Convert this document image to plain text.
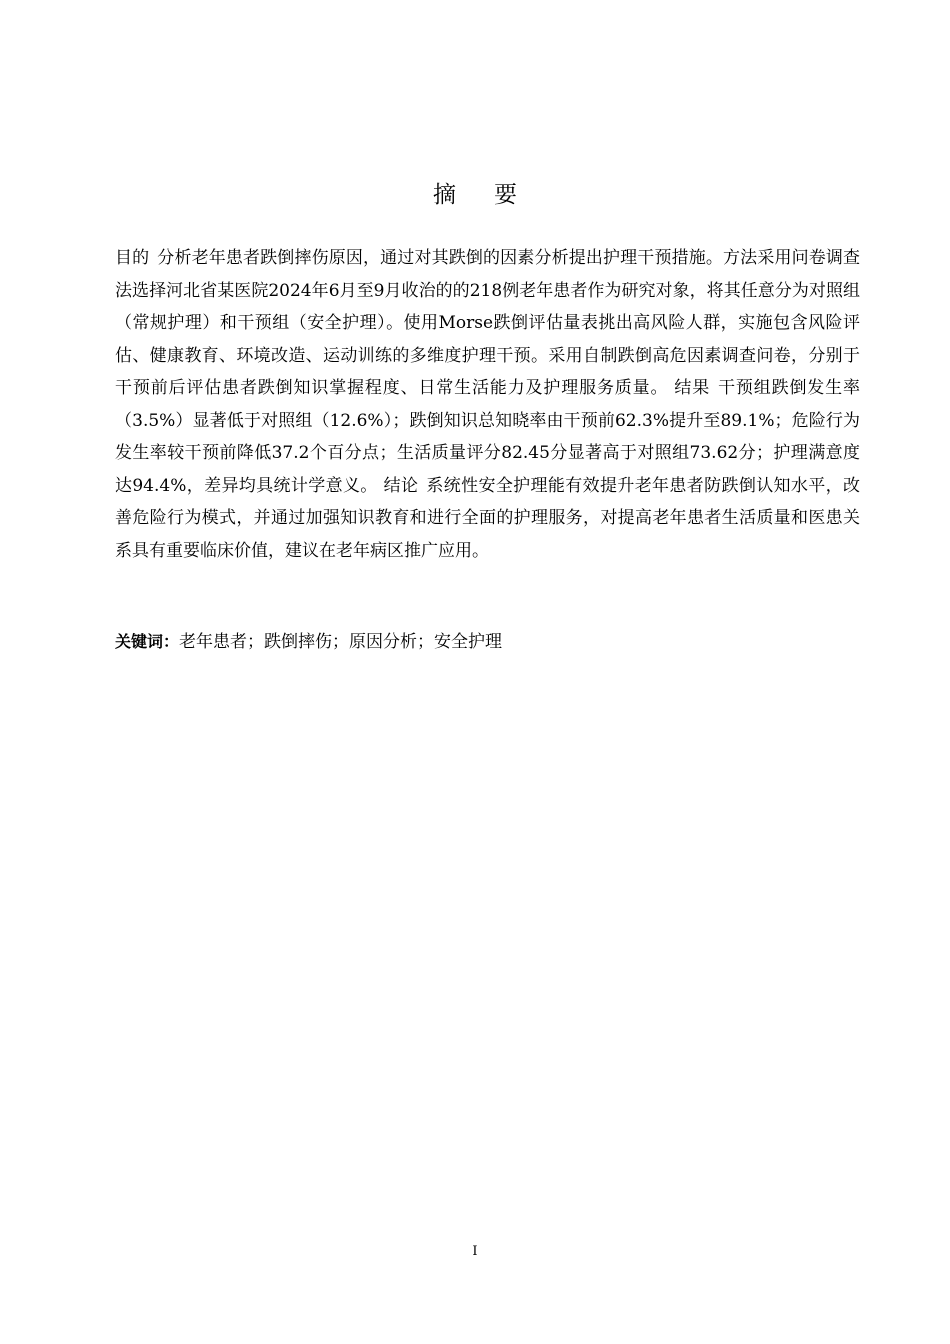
摘要

目的 分析老年患者跌倒摔伤原因，通过对其跌倒的因素分析提出护理干预措施。方法采用问卷调查法选择河北省某医院2024年6月至9月收治的的218例老年患者作为研究对象，将其任意分为对照组（常规护理）和干预组（安全护理）。使用Morse跌倒评估量表挑出高风险人群，实施包含风险评估、健康教育、环境改造、运动训练的多维度护理干预。采用自制跌倒高危因素调查问卷，分别于干预前后评估患者跌倒知识掌握程度、日常生活能力及护理服务质量。 结果 干预组跌倒发生率（3.5%）显著低于对照组（12.6%）；跌倒知识总知晓率由干预前62.3%提升至89.1%；危险行为发生率较干预前降低37.2个百分点；生活质量评分82.45分显著高于对照组73.62分；护理满意度达94.4%，差异均具统计学意义。 结论 系统性安全护理能有效提升老年患者防跌倒认知水平，改善危险行为模式，并通过加强知识教育和进行全面的护理服务，对提高老年患者生活质量和医患关系具有重要临床价值，建议在老年病区推广应用。

关键词：老年患者；跌倒摔伤；原因分析；安全护理

I
